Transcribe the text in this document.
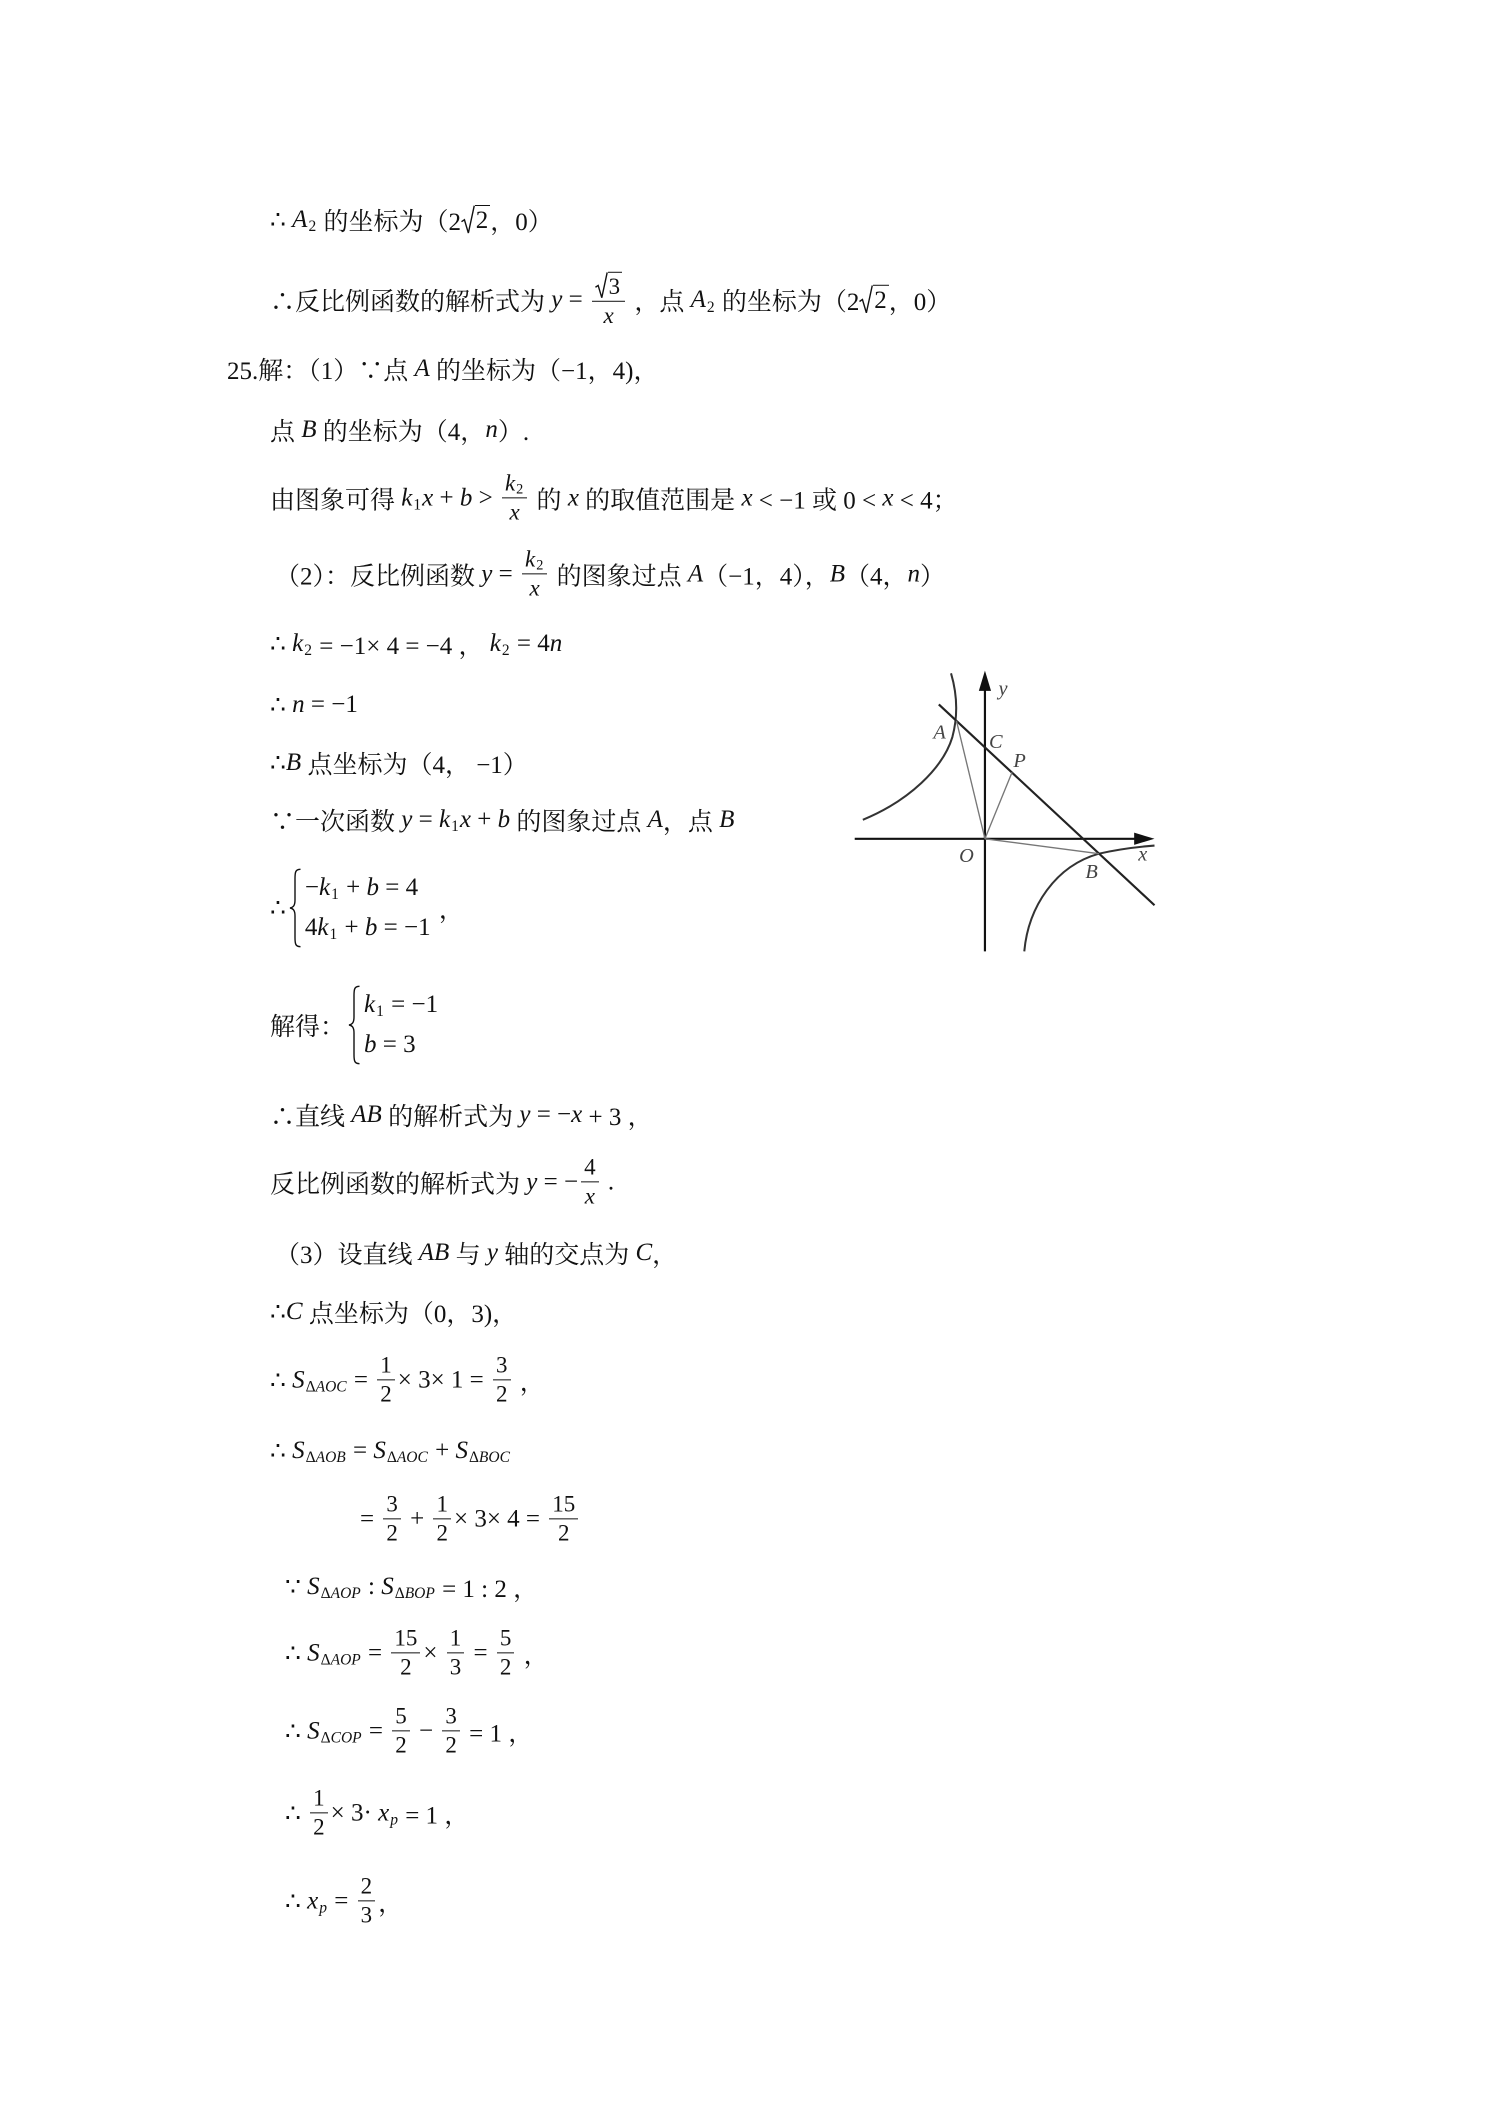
∴ A 2 的坐标为（2 2 ，0）
∴反比例函数的解析式为 $y = \frac{3}{x}$ ，点 A 2 的坐标为（2 2 ，0）
25.解：（1）∵点 A 的坐标为（−1，4)，
点 B 的坐标为（4， n ）.
由图象可得 k 1 $x + b > \frac{k 2}{x}$ 的 x 的取值范围是 x < −1 或 0 < x < 4；
（2）：反比例函数 $y = \frac{k 2}{x}$ 的图象过点 A （−1，4）， B （4， n ）
∴ k 2 = −1× 4 = −4 ， k 2 = 4 n
∴ n = −1
∴ B 点坐标为（4， −1）
∵一次函数 y = k 1 x + b 的图象过点 A ，点 B
∴
− k 1 + b = 4
4 k 1 + b = −1
，
解得：
k 1 = −1
b = 3
∴直线 AB 的解析式为 y = − x + 3 ，
反比例函数的解析式为 y = − $\frac{4}{x}$ .
（3）设直线 AB 与 y 轴的交点为 C ，
∴ C 点坐标为（0，3)，
∴ S Δ AOC = $\frac{1}{2} \times 3\times 1 = \frac{3}{2}$ ，
∴ S Δ AOB = S Δ AOC + S Δ BOC
= $\frac{3}{2} + \frac{1}{2} \times 3\times 4 = \frac{15}{2}$
∵ S Δ AOP : S Δ BOP = 1 : 2 ，
∴ S Δ AOP = $\frac{15}{2} \times \frac{1}{3} = \frac{5}{2}$ ，
∴ S Δ COP = $\frac{5}{2} - \frac{3}{2} = 1$ ，
∴ $\frac{1}{2} \times 3\cdot x$ p = 1 ，
∴ x $p = \frac{2}{3}$ ，
y
x
O
A	C
P
B
